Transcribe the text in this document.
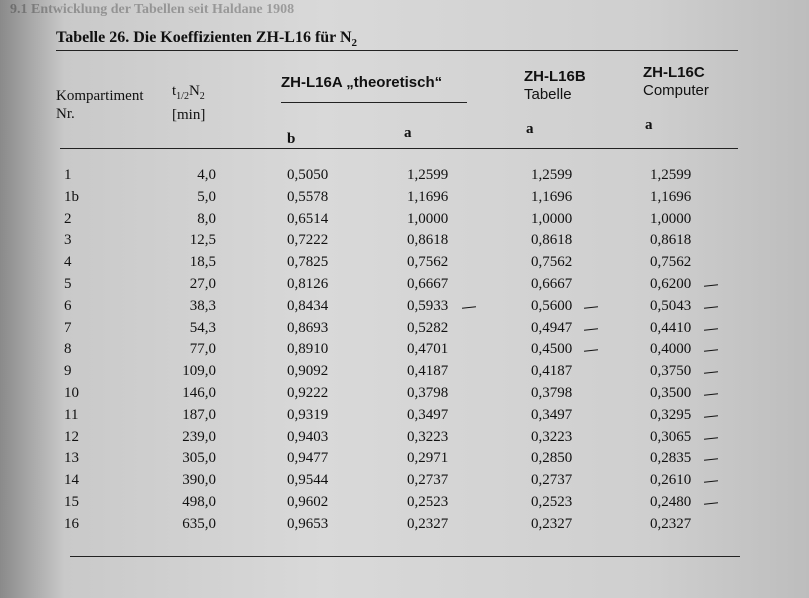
9.1 Entwicklung der Tabellen seit Haldane 1908
Tabelle 26. Die Koeffizienten ZH-L16 für $N_2$
Kompartiment
Nr.
$t_{1/2}N_2$
[min]
ZH-L16A „theoretisch“	ZH-L16B
Tabelle
ZH-L16C
Computer
b	a	a	a
1	4,0	0,5050	1,2599	1,2599	1,2599
1b	5,0	0,5578	1,1696	1,1696	1,1696
2	8,0	0,6514	1,0000	1,0000	1,0000
3	12,5	0,7222	0,8618	0,8618	0,8618
4	18,5	0,7825	0,7562	0,7562	0,7562
5	27,0	0,8126	0,6667	0,6667	0,6200
6	38,3	0,8434	0,5933	0,5600	0,5043
7	54,3	0,8693	0,5282	0,4947	0,4410
8	77,0	0,8910	0,4701	0,4500	0,4000
9	109,0	0,9092	0,4187	0,4187	0,3750
10	146,0	0,9222	0,3798	0,3798	0,3500
11	187,0	0,9319	0,3497	0,3497	0,3295
12	239,0	0,9403	0,3223	0,3223	0,3065
13	305,0	0,9477	0,2971	0,2850	0,2835
14	390,0	0,9544	0,2737	0,2737	0,2610
15	498,0	0,9602	0,2523	0,2523	0,2480
16	635,0	0,9653	0,2327	0,2327	0,2327
